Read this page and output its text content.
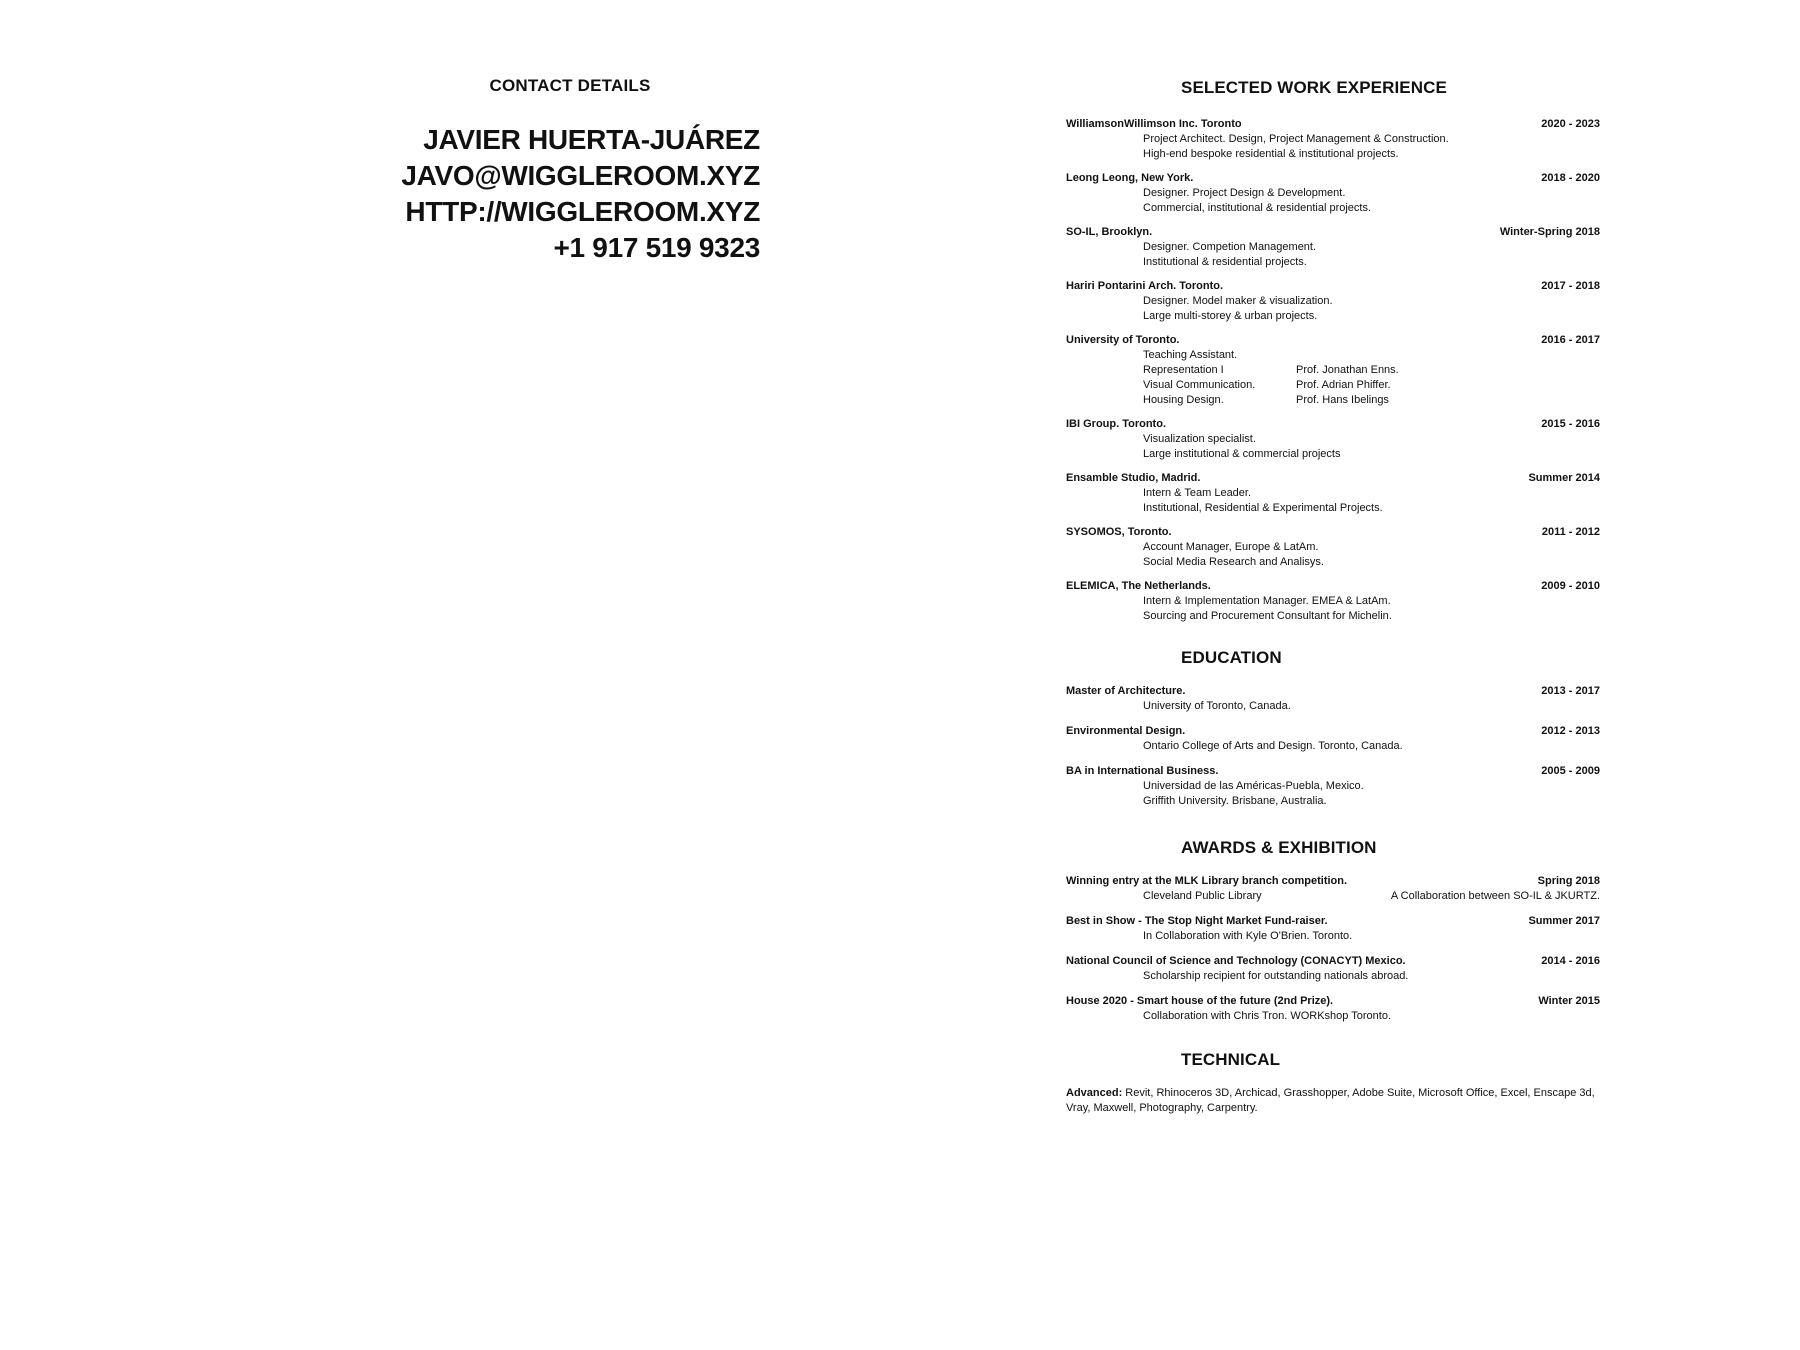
CONTACT DETAILS
JAVIER HUERTA-JUÁREZ
JAVO@WIGGLEROOM.XYZ
HTTP://WIGGLEROOM.XYZ
+1 917 519 9323
SELECTED WORK EXPERIENCE
WilliamsonWillimson Inc. Toronto	2020 - 2023
Project Architect. Design, Project Management & Construction.
High-end bespoke residential & institutional projects.
Leong Leong, New York.	2018 - 2020
Designer. Project Design & Development.
Commercial, institutional & residential projects.
SO-IL, Brooklyn.	Winter-Spring 2018
Designer. Competion Management.
Institutional & residential projects.
Hariri Pontarini Arch. Toronto.	2017 - 2018
Designer. Model maker & visualization.
Large multi-storey & urban projects.
University of Toronto.	2016 - 2017
Teaching Assistant.
Representation I	Prof. Jonathan Enns.
Visual Communication.	Prof. Adrian Phiffer.
Housing Design.	Prof. Hans Ibelings
IBI Group. Toronto.	2015 - 2016
Visualization specialist.
Large institutional & commercial projects
Ensamble Studio, Madrid.	Summer 2014
Intern & Team Leader.
Institutional, Residential & Experimental Projects.
SYSOMOS, Toronto.	2011 - 2012
Account Manager, Europe & LatAm.
Social Media Research and Analisys.
ELEMICA, The Netherlands.	2009 - 2010
Intern & Implementation Manager. EMEA & LatAm.
Sourcing and Procurement Consultant for Michelin.
EDUCATION
Master of Architecture.	2013 - 2017
University of Toronto, Canada.
Environmental Design.	2012 - 2013
Ontario College of Arts and Design. Toronto, Canada.
BA in International Business.	2005 - 2009
Universidad de las Américas-Puebla, Mexico.
Griffith University. Brisbane, Australia.
AWARDS & EXHIBITION
Winning entry at the MLK Library branch competition.	Spring 2018
Cleveland Public Library	A Collaboration between SO-IL & JKURTZ.
Best in Show - The Stop Night Market Fund-raiser.	Summer 2017
In Collaboration with Kyle O'Brien. Toronto.
National Council of Science and Technology (CONACYT) Mexico.	2014 - 2016
Scholarship recipient for outstanding nationals abroad.
House 2020 - Smart house of the future (2nd Prize).	Winter 2015
Collaboration with Chris Tron. WORKshop Toronto.
TECHNICAL
Advanced: Revit, Rhinoceros 3D, Archicad, Grasshopper, Adobe Suite, Microsoft Office, Excel, Enscape 3d, Vray, Maxwell, Photography, Carpentry.
